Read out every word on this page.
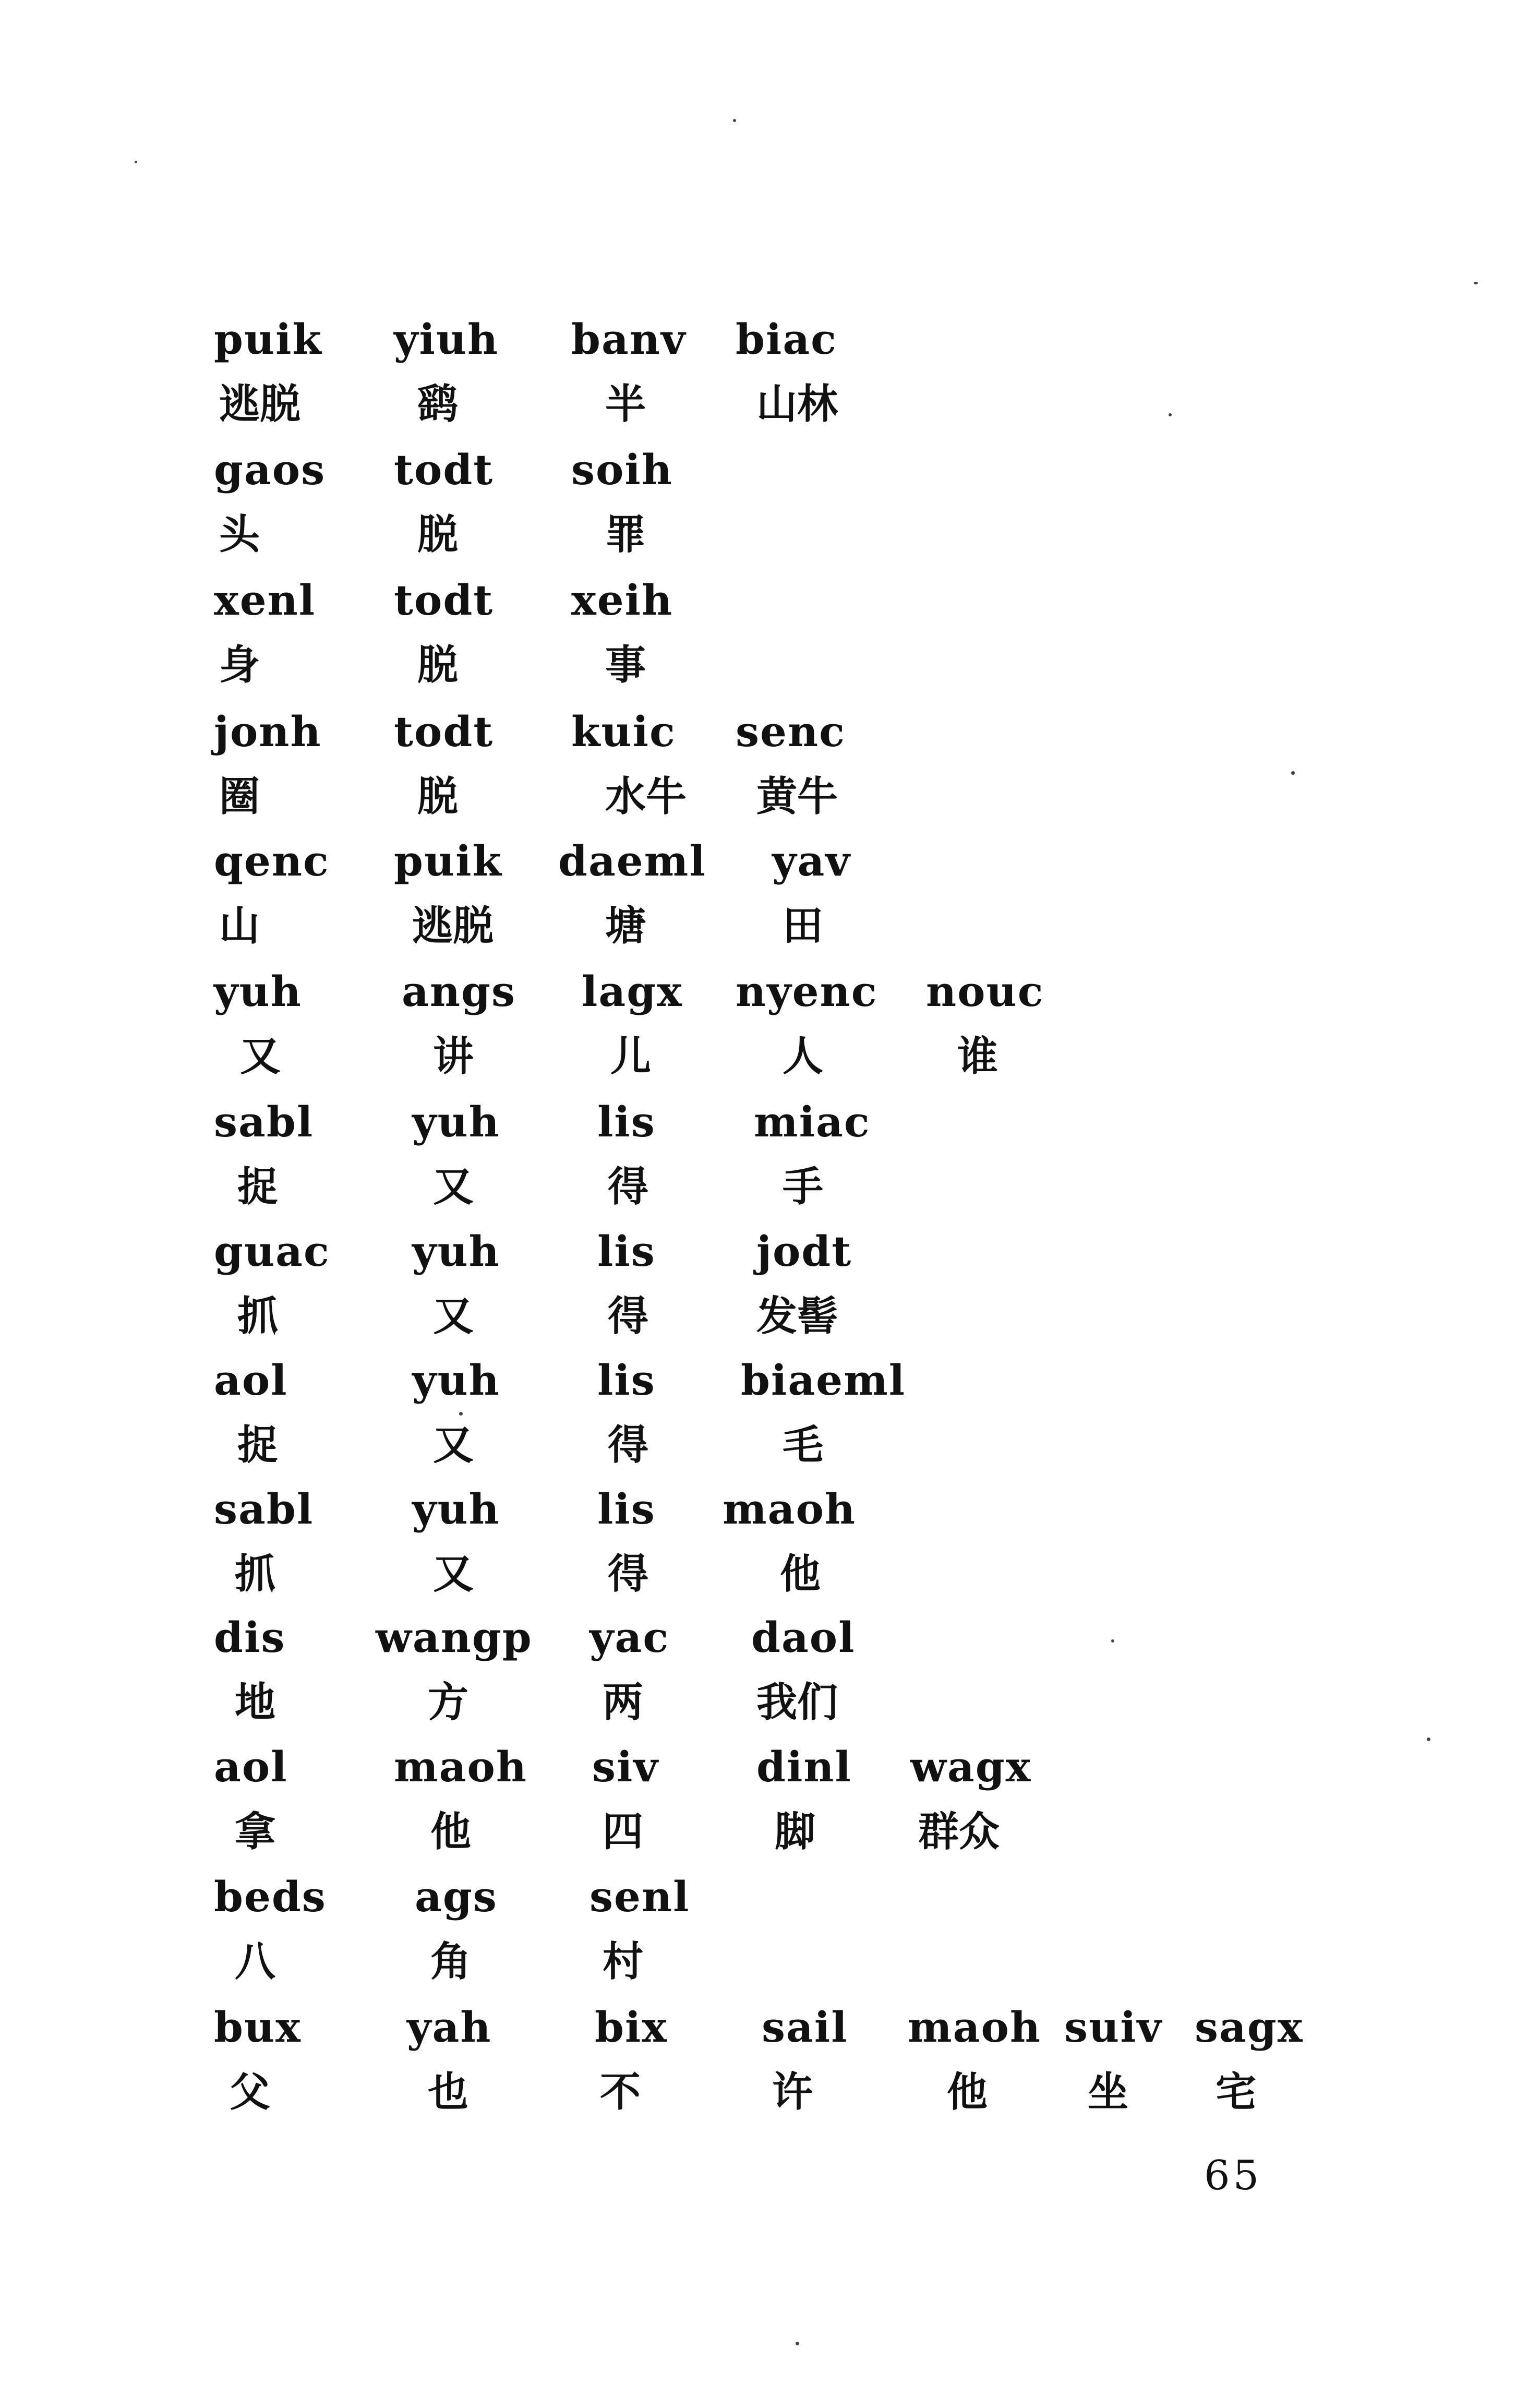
puik yiuh banv biac
逃脱	鹞	半	山林
gaos todt soih
头	脱	罪
xenl todt xeih
身	脱	事
jonh todt kuic senc
圈	脱	水牛 黄牛
qenc puik daeml yav
山	逃脱	塘	田
yuh angs lagx nyenc nouc
又	讲	儿	人	谁
sabl yuh lis miac
捉	又	得	手
guac yuh lis jodt
抓	又	得	发髻
aol	yuh lis biaeml
捉	又	得	毛
sabl yuh lis maoh
抓	又	得	他
dis wangp yac daol
地	方	两	我们
aol	maoh siv dinl wagx
拿	他	四	脚	群众
beds ags senl
八	角	村
bux	yah bix sail maoh suiv sagx
父	也	不	许	他 坐 宅
65
